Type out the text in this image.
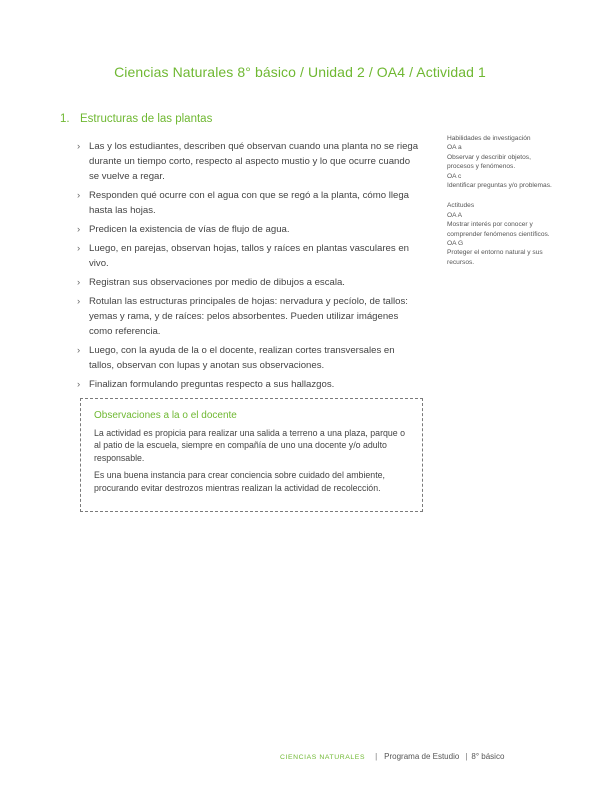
Ciencias Naturales 8° básico / Unidad 2 / OA4 / Actividad 1
1. Estructuras de las plantas
› Las y los estudiantes, describen qué observan cuando una planta no se riega durante un tiempo corto, respecto al aspecto mustio y lo que ocurre cuando se vuelve a regar.
› Responden qué ocurre con el agua con que se regó a la planta, cómo llega hasta las hojas.
› Predicen la existencia de vías de flujo de agua.
› Luego, en parejas, observan hojas, tallos y raíces en plantas vasculares en vivo.
› Registran sus observaciones por medio de dibujos a escala.
› Rotulan las estructuras principales de hojas: nervadura y pecíolo, de tallos: yemas y rama, y de raíces: pelos absorbentes. Pueden utilizar imágenes como referencia.
› Luego, con la ayuda de la o el docente, realizan cortes transversales en tallos, observan con lupas y anotan sus observaciones.
› Finalizan formulando preguntas respecto a sus hallazgos.
Habilidades de investigación
OA a
Observar y describir objetos, procesos y fenómenos.
OA c
Identificar preguntas y/o problemas.
Actitudes
OA A
Mostrar interés por conocer y comprender fenómenos científicos.
OA G
Proteger el entorno natural y sus recursos.
Observaciones a la o el docente

La actividad es propicia para realizar una salida a terreno a una plaza, parque o al patio de la escuela, siempre en compañía de uno una docente y/o adulto responsable.

Es una buena instancia para crear conciencia sobre cuidado del ambiente, procurando evitar destrozos mientras realizan la actividad de recolección.

CIENCIAS NATURALES | Programa de Estudio | 8° básico
